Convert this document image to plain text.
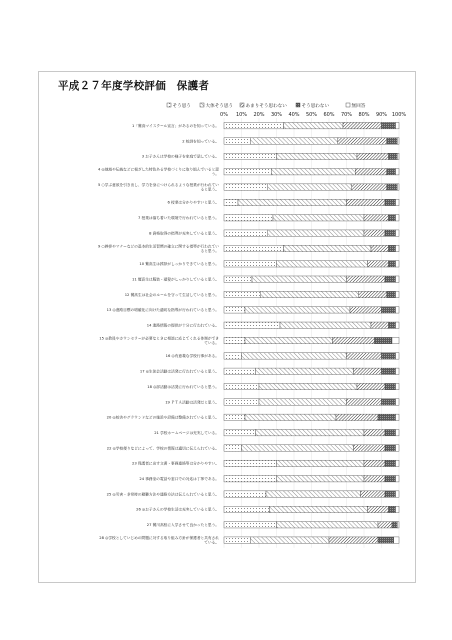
平成２７年度学校評価　保護者
そう思う	大体そう思う	あまりそう思わない	そう思わない	無回答
1「鷲高マイスクール宣言」があるのを知っている。
2 校訓を知っている。
3 お子さんは学校の様子を家庭で話している。
4 ◎地域や伝統などに根ざした特色ある学校づくりに取り組んでいると思う。
5 ○学ぶ意欲を引き出し、学力を身につけられるような授業が行われていると思う。
6 授業は分かりやすいと思う。
7 授業は落ち着いた環境で行われていると思う。
8 資格取得の指導が充実していると思う。
9 ○挨拶やマナーなどの基本的生活習慣の確立に関する指導が行われていると思う。
10 鷲高生は挨拶がしっかりできていると思う。
11 鷲高生は服装・頭髪がしっかりしていると思う。
12 鷲高生は社会のルールを守って生活していると思う。
13 ◎進路目標の明確化に向けた適切な指導が行われていると思う。
14 進路情報の提供が十分に行われている。
15 ◎教員やカウンセラーが必要なときに相談に応じてくれる体制ができている。
16 ◎有意義な学校行事がある。
17 ◎生徒会活動は活発に行われていると思う。
18 ◎部活動は活発に行われていると思う。
19 ＰＴＡ活動は活発だと思う。
20 ◎校舎やグラウンドなどの施設や設備は整備されていると思う。
21 学校ホームページは充実している。
22 ◎学校便りなどによって、学校の情報は適切に伝えられている。
23 保護者に出す文書・事務連絡等は分かりやすい。
24 事務室の電話や窓口での対応は丁寧である。
25 ◎災害・非常時の避難方法や連絡方法は伝えられていると思う。
26 ◎お子さんの学校生活は充実していると思う。
27 鷲川高校に入学させて良かったと思う。
28 ◎学校としていじめの問題に対する取り組み方針が保護者と共有されている。
0% 10% 20% 30% 40% 50% 60% 70% 80% 90% 100%
